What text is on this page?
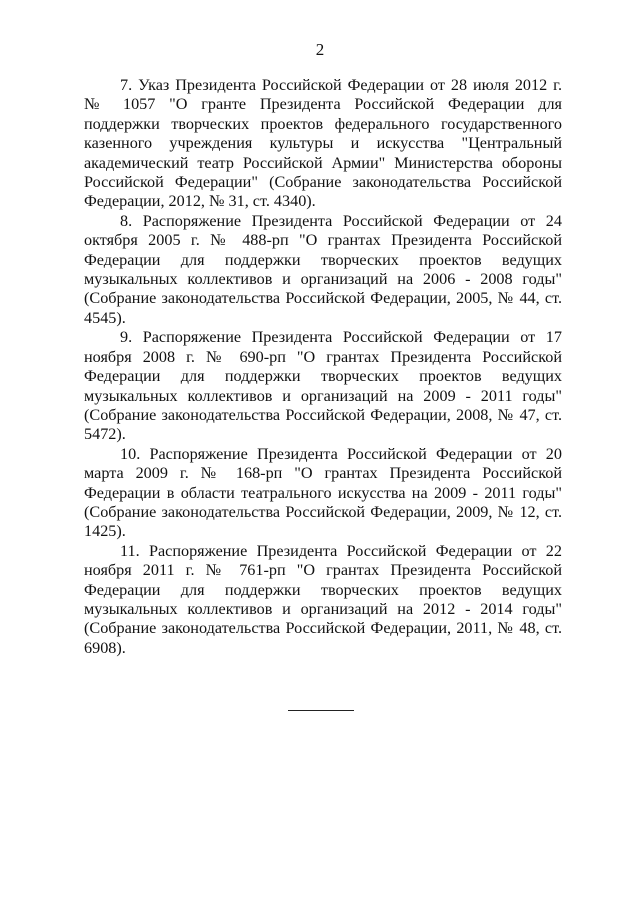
2

7. Указ Президента Российской Федерации от 28 июля 2012 г. № 1057 "О гранте Президента Российской Федерации для поддержки творческих проектов федерального государственного казенного учреждения культуры и искусства "Центральный академический театр Российской Армии" Министерства обороны Российской Федерации" (Собрание законодательства Российской Федерации, 2012, № 31, ст. 4340).

8. Распоряжение Президента Российской Федерации от 24 октября 2005 г. № 488-рп "О грантах Президента Российской Федерации для поддержки творческих проектов ведущих музыкальных коллективов и организаций на 2006 - 2008 годы" (Собрание законодательства Российской Федерации, 2005, № 44, ст. 4545).

9. Распоряжение Президента Российской Федерации от 17 ноября 2008 г. № 690-рп "О грантах Президента Российской Федерации для поддержки творческих проектов ведущих музыкальных коллективов и организаций на 2009 - 2011 годы" (Собрание законодательства Российской Федерации, 2008, № 47, ст. 5472).

10. Распоряжение Президента Российской Федерации от 20 марта 2009 г. № 168-рп "О грантах Президента Российской Федерации в области театрального искусства на 2009 - 2011 годы" (Собрание законодательства Российской Федерации, 2009, № 12, ст. 1425).

11. Распоряжение Президента Российской Федерации от 22 ноября 2011 г. № 761-рп "О грантах Президента Российской Федерации для поддержки творческих проектов ведущих музыкальных коллективов и организаций на 2012 - 2014 годы" (Собрание законодательства Российской Федерации, 2011, № 48, ст. 6908).
